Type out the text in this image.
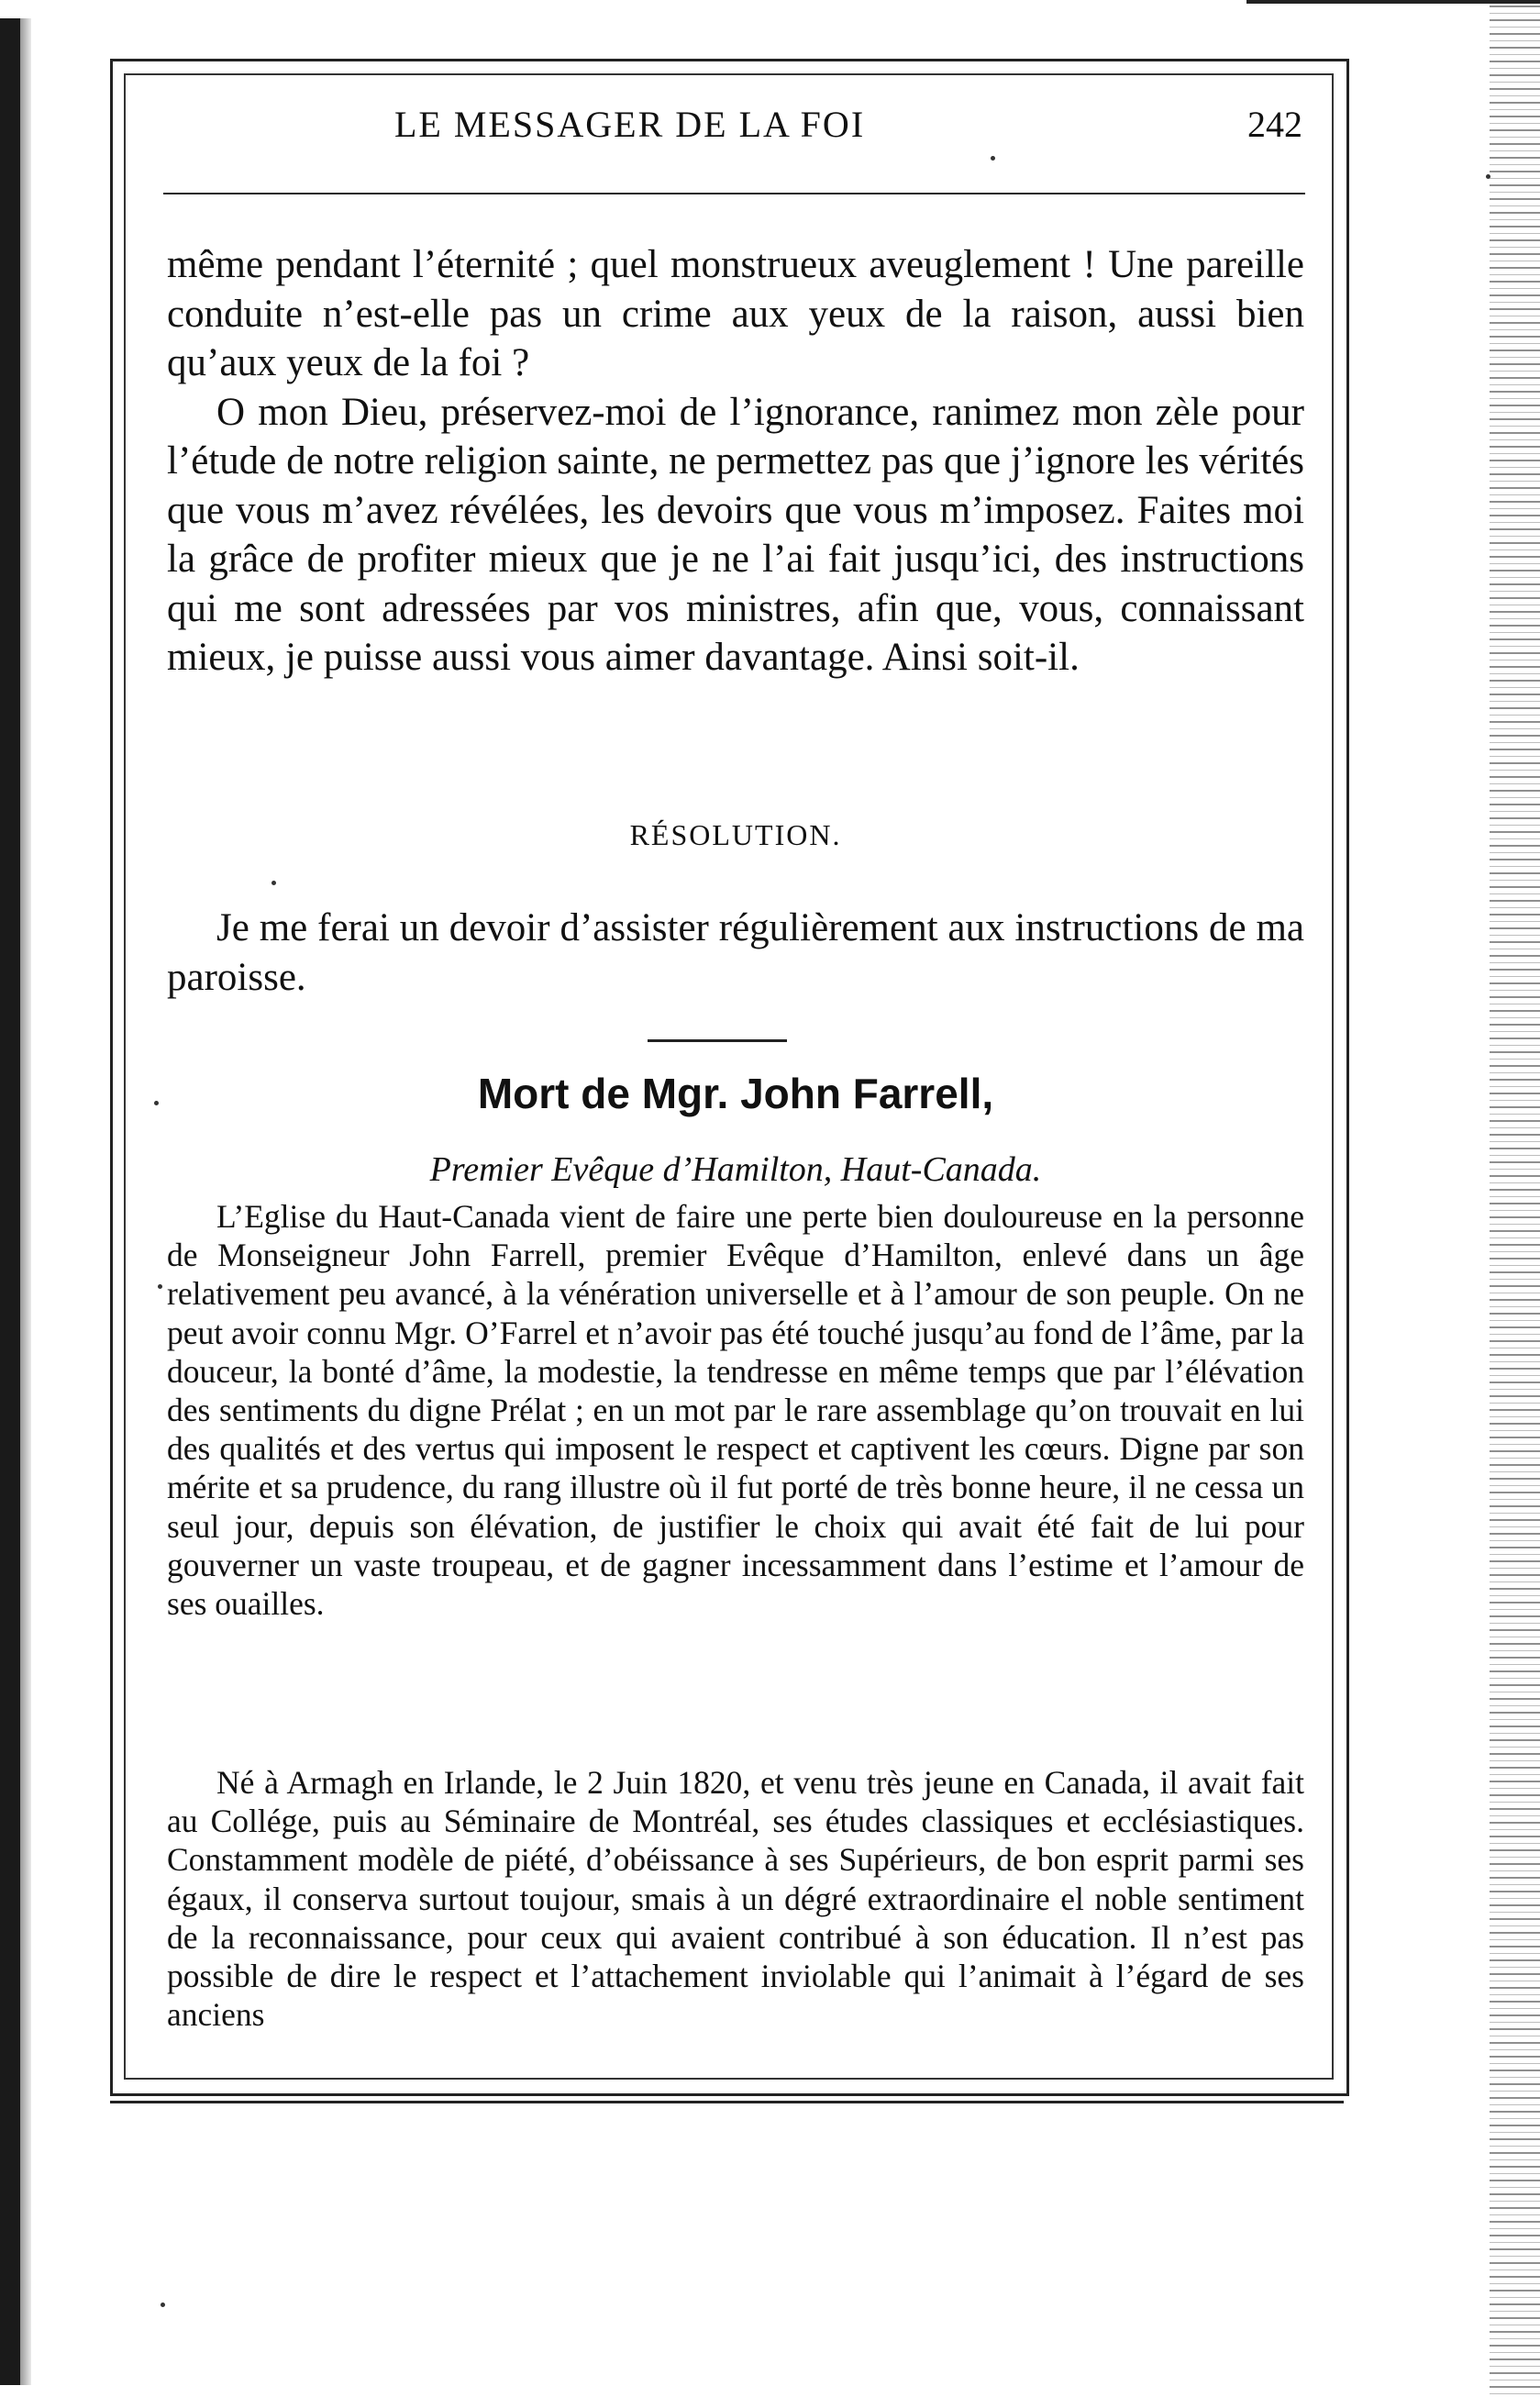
LE MESSAGER DE LA FOI	242

même pendant l’éternité ; quel monstrueux aveuglement ! Une pareille conduite n’est-elle pas un crime aux yeux de la raison, aussi bien qu’aux yeux de la foi ?

O mon Dieu, préservez-moi de l’ignorance, ranimez mon zèle pour l’étude de notre religion sainte, ne permettez pas que j’ignore les vérités que vous m’avez révélées, les devoirs que vous m’imposez. Faites moi la grâce de profiter mieux que je ne l’ai fait jusqu’ici, des instructions qui me sont adressées par vos ministres, afin que, vous, connaissant mieux, je puisse aussi vous aimer davantage. Ainsi soit-il.

RÉSOLUTION.

Je me ferai un devoir d’assister régulièrement aux instructions de ma paroisse.

Mort de Mgr. John Farrell,
Premier Evêque d’Hamilton, Haut-Canada.

L’Eglise du Haut-Canada vient de faire une perte bien douloureuse en la personne de Monseigneur John Farrell, premier Evêque d’Hamilton, enlevé dans un âge relativement peu avancé, à la vénération universelle et à l’amour de son peuple. On ne peut avoir connu Mgr. O’Farrel et n’avoir pas été touché jusqu’au fond de l’âme, par la douceur, la bonté d’âme, la modestie, la tendresse en même temps que par l’élévation des sentiments du digne Prélat ; en un mot par le rare assemblage qu’on trouvait en lui des qualités et des vertus qui imposent le respect et captivent les cœurs. Digne par son mérite et sa prudence, du rang illustre où il fut porté de très bonne heure, il ne cessa un seul jour, depuis son élévation, de justifier le choix qui avait été fait de lui pour gouverner un vaste troupeau, et de gagner incessamment dans l’estime et l’amour de ses ouailles.

Né à Armagh en Irlande, le 2 Juin 1820, et venu très jeune en Canada, il avait fait au Collége, puis au Séminaire de Montréal, ses études classiques et ecclésiastiques. Constamment modèle de piété, d’obéissance à ses Supérieurs, de bon esprit parmi ses égaux, il conserva surtout toujour, smais à un dégré extraordinaire el noble sentiment de la reconnaissance, pour ceux qui avaient contribué à son éducation. Il n’est pas possible de dire le respect et l’attachement inviolable qui l’animait à l’égard de ses anciens
